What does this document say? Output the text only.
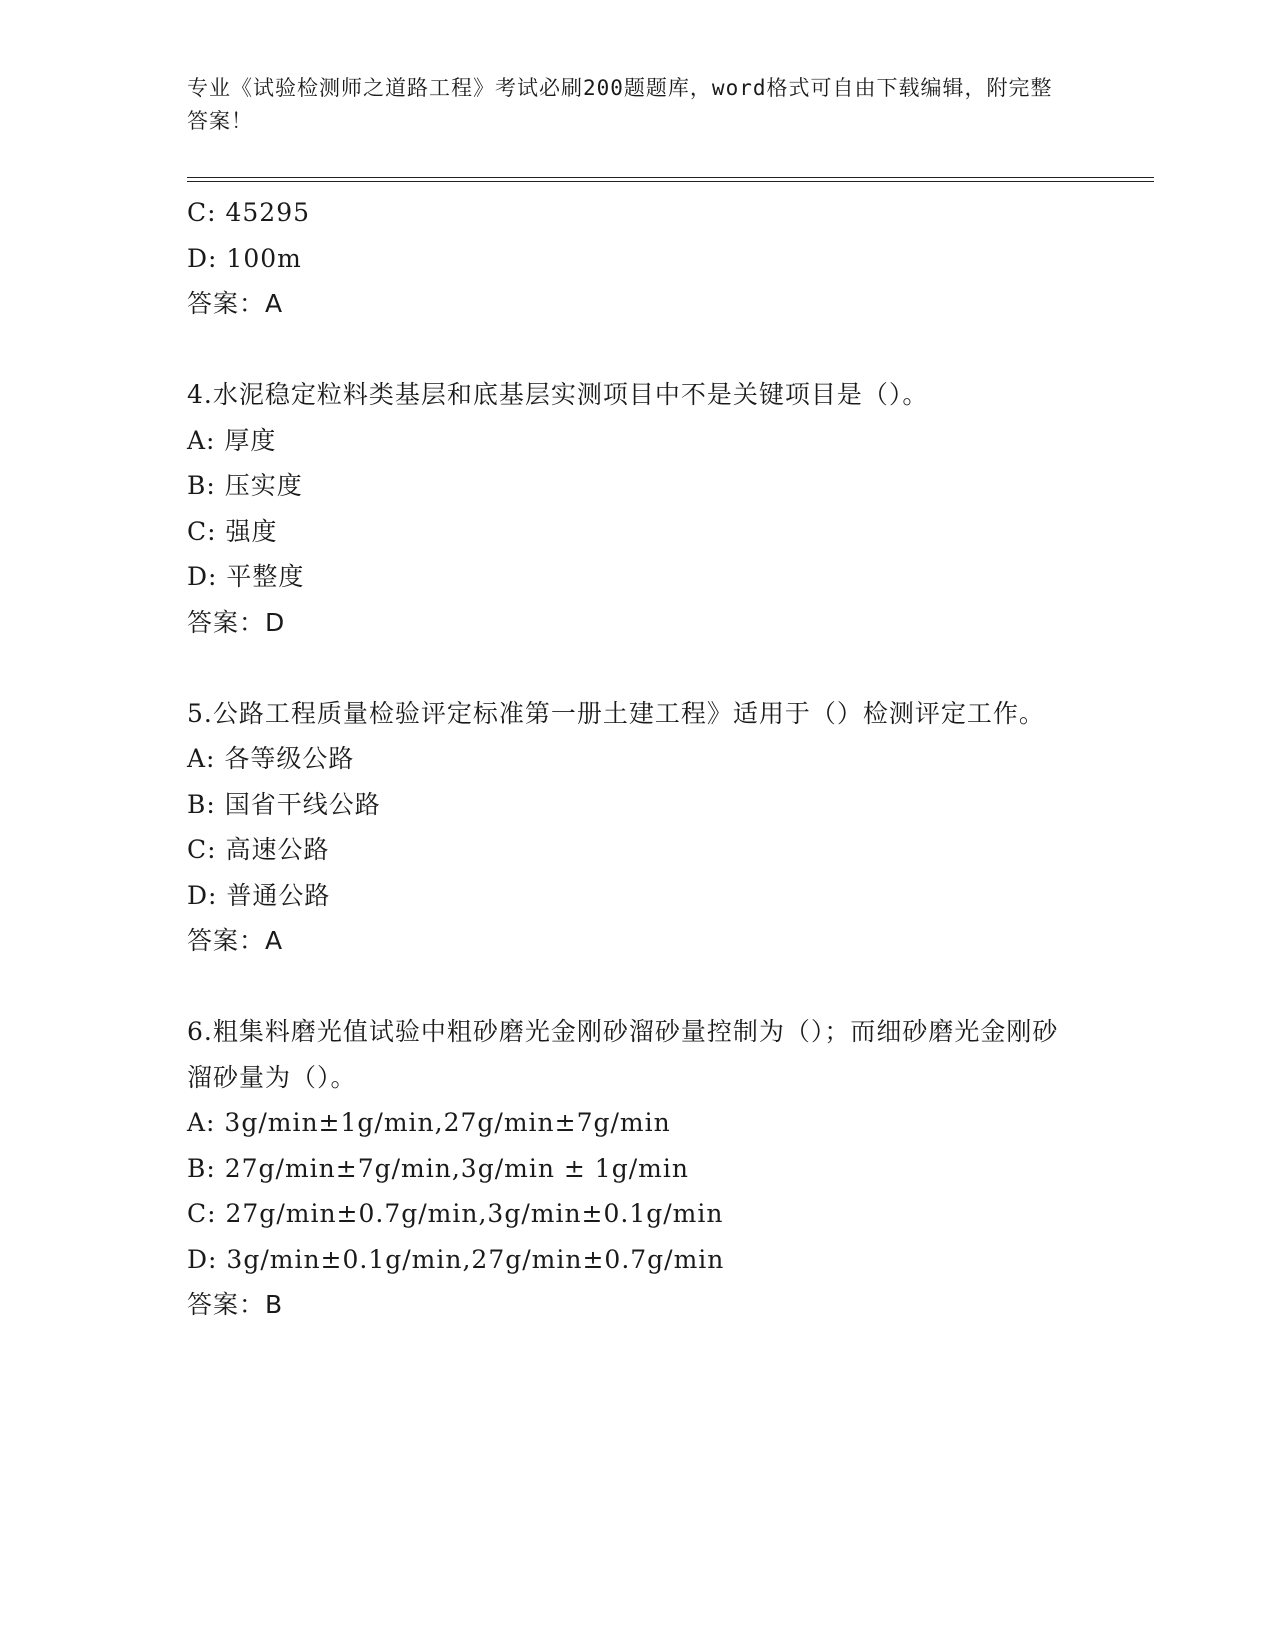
专业《试验检测师之道路工程》考试必刷200题题库，word格式可自由下载编辑，附完整答案！
C: 45295
D: 100m
答案：A
4.水泥稳定粒料类基层和底基层实测项目中不是关键项目是（）。
A: 厚度
B: 压实度
C: 强度
D: 平整度
答案：D
5.公路工程质量检验评定标准第一册土建工程》适用于（）检测评定工作。
A: 各等级公路
B: 国省干线公路
C: 高速公路
D: 普通公路
答案：A
6.粗集料磨光值试验中粗砂磨光金刚砂溜砂量控制为（）；而细砂磨光金刚砂溜砂量为（）。
A: 3g/min±1g/min,27g/min±7g/min
B: 27g/min±7g/min,3g/min ± 1g/min
C: 27g/min±0.7g/min,3g/min±0.1g/min
D: 3g/min±0.1g/min,27g/min±0.7g/min
答案：B
